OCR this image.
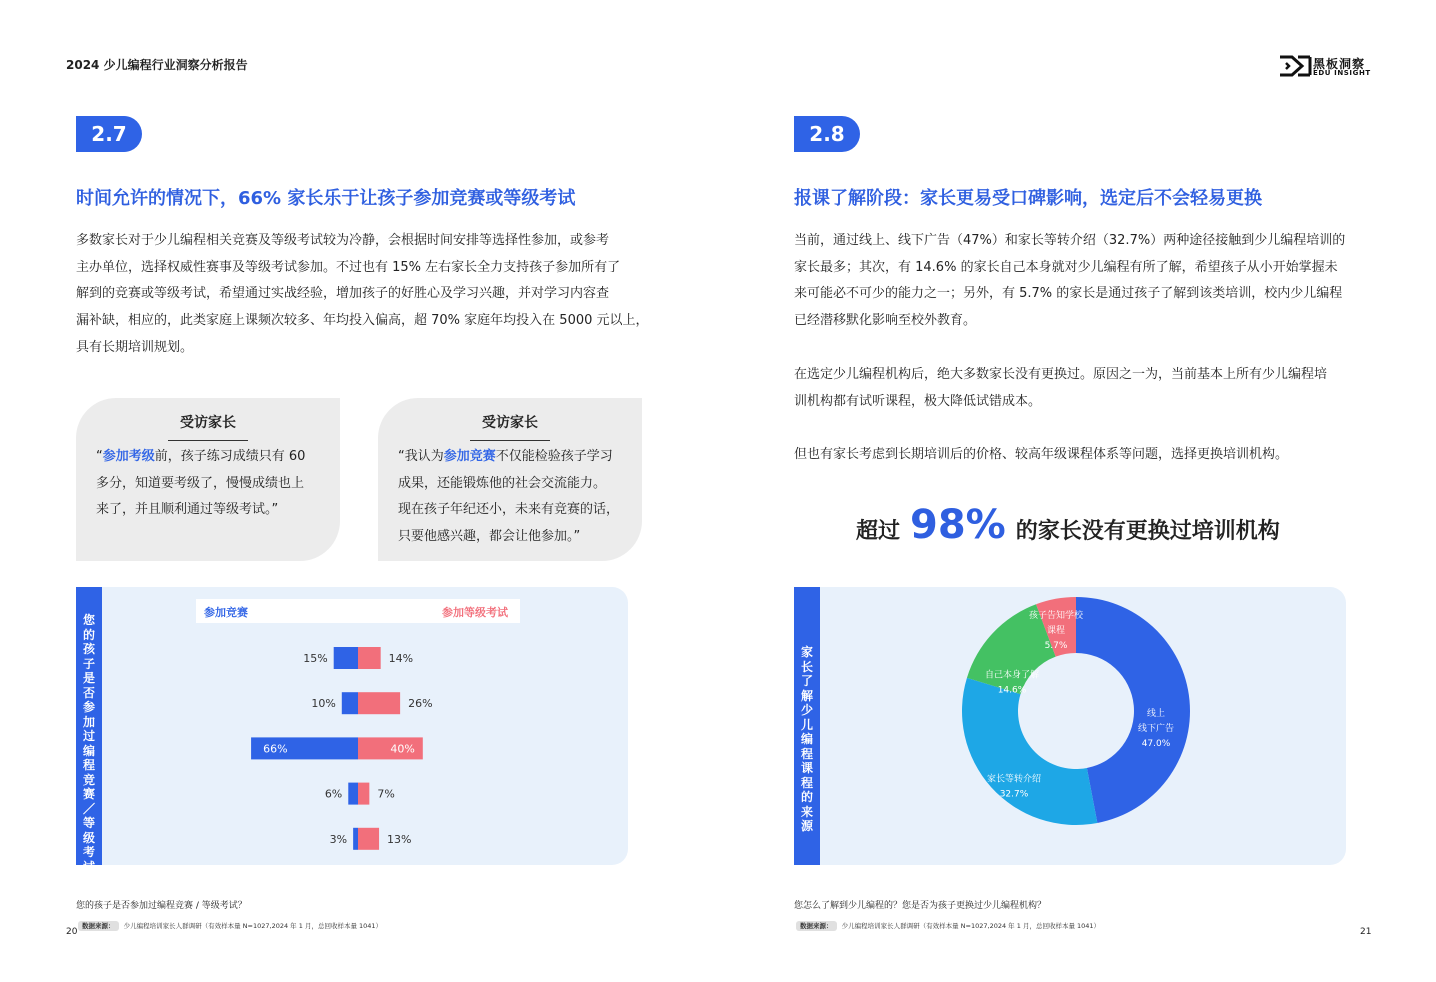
2024 少儿编程行业洞察分析报告	黑板洞察
EDU INSIGHT
2.7
时间允许的情况下，66% 家长乐于让孩子参加竞赛或等级考试
多数家长对于少儿编程相关竞赛及等级考试较为冷静，会根据时间安排等选择性参加，或参考
主办单位，选择权威性赛事及等级考试参加。不过也有 15% 左右家长全力支持孩子参加所有了
解到的竞赛或等级考试，希望通过实战经验，增加孩子的好胜心及学习兴趣，并对学习内容查
漏补缺，相应的，此类家庭上课频次较多、年均投入偏高，超 70% 家庭年均投入在 5000 元以上，
具有长期培训规划。
受访家长
“参加考级前，孩子练习成绩只有 60
多分，知道要考级了，慢慢成绩也上
来了，并且顺利通过等级考试。”
受访家长
“我认为参加竞赛不仅能检验孩子学习
成果，还能锻炼他的社会交流能力。
现在孩子年纪还小，未来有竞赛的话，
只要他感兴趣，都会让他参加。”
您的孩子是否参加过编程竞赛／等级考试
参加竞赛	参加等级考试
15%	14%
10%	26%
66%	40%
6%	7%
3%	13%
您的孩子是否参加过编程竞赛 / 等级考试？
数据来源： 少儿编程培训家长人群调研（有效样本量 N=1027,2024 年 1 月，总回收样本量 1041）
20
2.8
报课了解阶段：家长更易受口碑影响，选定后不会轻易更换
当前，通过线上、线下广告（47%）和家长等转介绍（32.7%）两种途径接触到少儿编程培训的
家长最多；其次，有 14.6% 的家长自己本身就对少儿编程有所了解，希望孩子从小开始掌握未
来可能必不可少的能力之一；另外，有 5.7% 的家长是通过孩子了解到该类培训，校内少儿编程
已经潜移默化影响至校外教育。
在选定少儿编程机构后，绝大多数家长没有更换过。原因之一为，当前基本上所有少儿编程培
训机构都有试听课程，极大降低试错成本。
但也有家长考虑到长期培训后的价格、较高年级课程体系等问题，选择更换培训机构。
超过 98% 的家长没有更换过培训机构
家长了解少儿编程课程的来源
线上线下广告 47.0%
家长等转介绍 32.7%
自己本身了解 14.6%
孩子告知学校课程 5.7%
您怎么了解到少儿编程的？您是否为孩子更换过少儿编程机构？
数据来源： 少儿编程培训家长人群调研（有效样本量 N=1027,2024 年 1 月，总回收样本量 1041）
21
